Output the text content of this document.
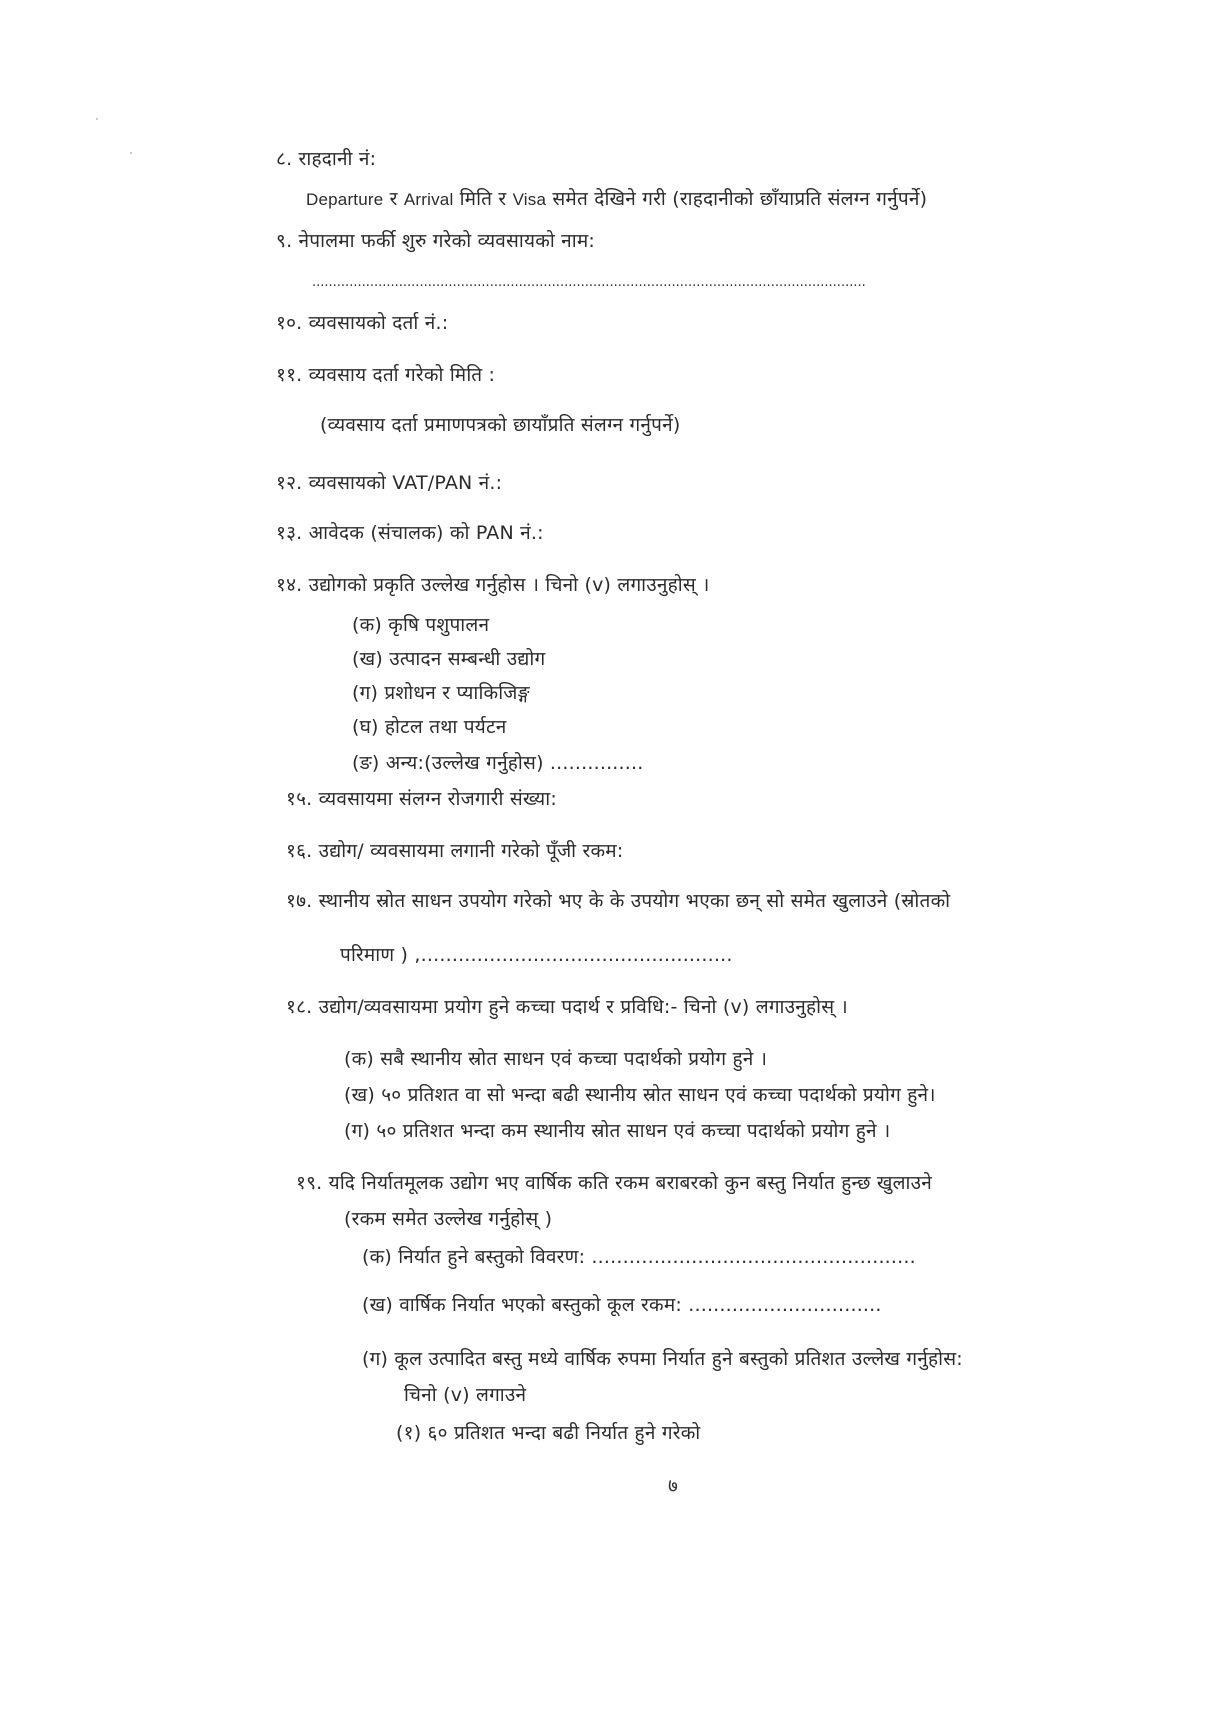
८. राहदानी नं:
Departure र Arrival मिति र Visa समेत देखिने गरी (राहदानीको छाँयाप्रति संलग्न गर्नुपर्ने)
९. नेपालमा फर्की शुरु गरेको व्यवसायको नाम:
......................................................................................................................................
१०. व्यवसायको दर्ता नं.:
११. व्यवसाय दर्ता गरेको मिति :
(व्यवसाय दर्ता प्रमाणपत्रको छायाँप्रति संलग्न गर्नुपर्ने)
१२. व्यवसायको VAT/PAN नं.:
१३. आवेदक (संचालक) को PAN नं.:
१४. उद्योगको प्रकृति उल्लेख गर्नुहोस । चिनो (v) लगाउनुहोस् ।
(क) कृषि पशुपालन
(ख) उत्पादन सम्बन्धी उद्योग
(ग) प्रशोधन र प्याकिजिङ्ग
(घ) होटल तथा पर्यटन
(ङ) अन्य:(उल्लेख गर्नुहोस) ...............
१५. व्यवसायमा संलग्न रोजगारी संख्या:
१६. उद्योग/ व्यवसायमा लगानी गरेको पूँजी रकम:
१७. स्थानीय स्रोत साधन उपयोग गरेको भए के के उपयोग भएका छन् सो समेत खुलाउने (स्रोतको
परिमाण ) ,..................................................
१८. उद्योग/व्यवसायमा प्रयोग हुने कच्चा पदार्थ र प्रविधि:- चिनो (v) लगाउनुहोस् ।
(क) सबै स्थानीय स्रोत साधन एवं कच्चा पदार्थको प्रयोग हुने ।
(ख) ५० प्रतिशत वा सो भन्दा बढी स्थानीय स्रोत साधन एवं कच्चा पदार्थको प्रयोग हुने।
(ग) ५० प्रतिशत भन्दा कम स्थानीय स्रोत साधन एवं कच्चा पदार्थको प्रयोग हुने ।
१९. यदि निर्यातमूलक उद्योग भए वार्षिक कति रकम बराबरको कुन बस्तु निर्यात हुन्छ खुलाउने
(रकम समेत उल्लेख गर्नुहोस् )
(क) निर्यात हुने बस्तुको विवरण: ....................................................
(ख) वार्षिक निर्यात भएको बस्तुको कूल रकम: ...............................
(ग) कूल उत्पादित बस्तु मध्ये वार्षिक रुपमा निर्यात हुने बस्तुको प्रतिशत उल्लेख गर्नुहोस:
चिनो (v) लगाउने
(१) ६० प्रतिशत भन्दा बढी निर्यात हुने गरेको
७
